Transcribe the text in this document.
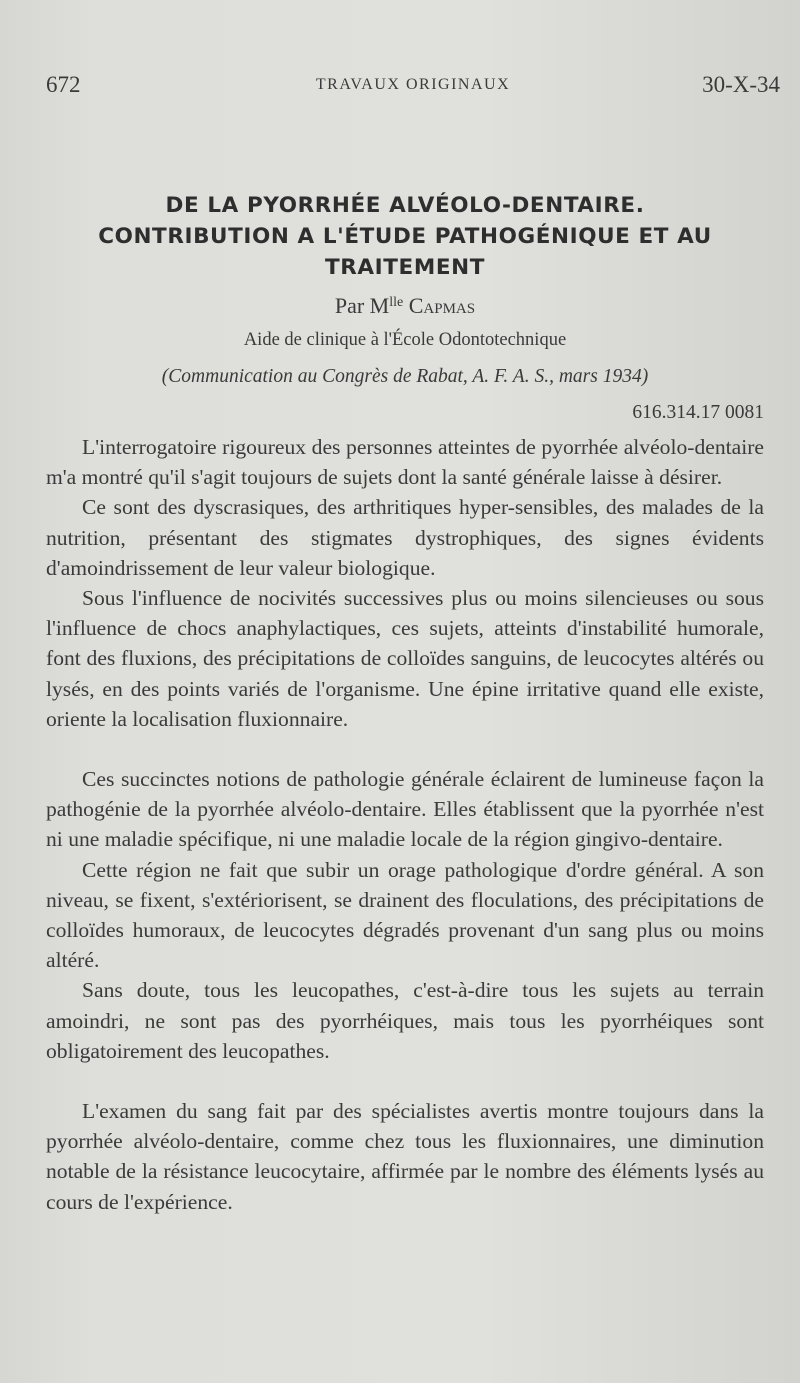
672	TRAVAUX ORIGINAUX	30-X-34
DE LA PYORRHÉE ALVÉOLO-DENTAIRE.
CONTRIBUTION A L'ÉTUDE PATHOGÉNIQUE ET AU
TRAITEMENT
Par $M^{lle}$ Capmas
Aide de clinique à l'École Odontotechnique
(Communication au Congrès de Rabat, A. F. A. S., mars 1934)
616.314.17 0081

L'interrogatoire rigoureux des personnes atteintes de pyorrhée alvéolo-dentaire m'a montré qu'il s'agit toujours de sujets dont la santé générale laisse à désirer.

Ce sont des dyscrasiques, des arthritiques hyper-sensibles, des malades de la nutrition, présentant des stigmates dystrophiques, des signes évidents d'amoindrissement de leur valeur biologique.

Sous l'influence de nocivités successives plus ou moins silencieuses ou sous l'influence de chocs anaphylactiques, ces sujets, atteints d'instabilité humorale, font des fluxions, des précipitations de colloïdes sanguins, de leucocytes altérés ou lysés, en des points variés de l'organisme. Une épine irritative quand elle existe, oriente la localisation fluxionnaire.

Ces succinctes notions de pathologie générale éclairent de lumineuse façon la pathogénie de la pyorrhée alvéolo-dentaire. Elles établissent que la pyorrhée n'est ni une maladie spécifique, ni une maladie locale de la région gingivo-dentaire.

Cette région ne fait que subir un orage pathologique d'ordre général. A son niveau, se fixent, s'extériorisent, se drainent des floculations, des précipitations de colloïdes humoraux, de leucocytes dégradés provenant d'un sang plus ou moins altéré.

Sans doute, tous les leucopathes, c'est-à-dire tous les sujets au terrain amoindri, ne sont pas des pyorrhéiques, mais tous les pyorrhéiques sont obligatoirement des leucopathes.

L'examen du sang fait par des spécialistes avertis montre toujours dans la pyorrhée alvéolo-dentaire, comme chez tous les fluxionnaires, une diminution notable de la résistance leucocytaire, affirmée par le nombre des éléments lysés au cours de l'expérience.
